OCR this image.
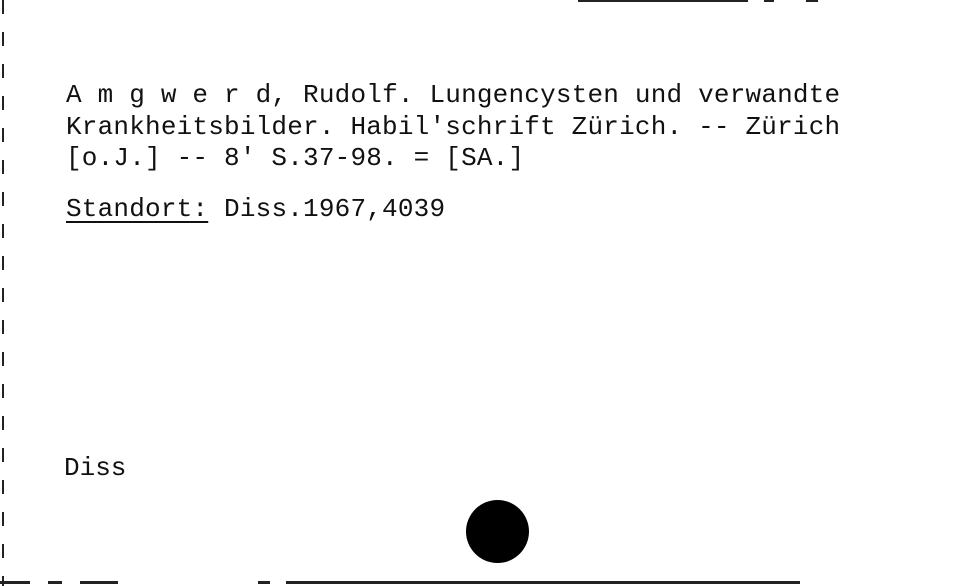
A m g w e r d, Rudolf. Lungencysten und verwandte
Krankheitsbilder. Habil'schrift Zürich. -- Zürich
[o.J.] -- 8' S.37-98. = [SA.]
Standort: Diss.1967,4039
Diss
